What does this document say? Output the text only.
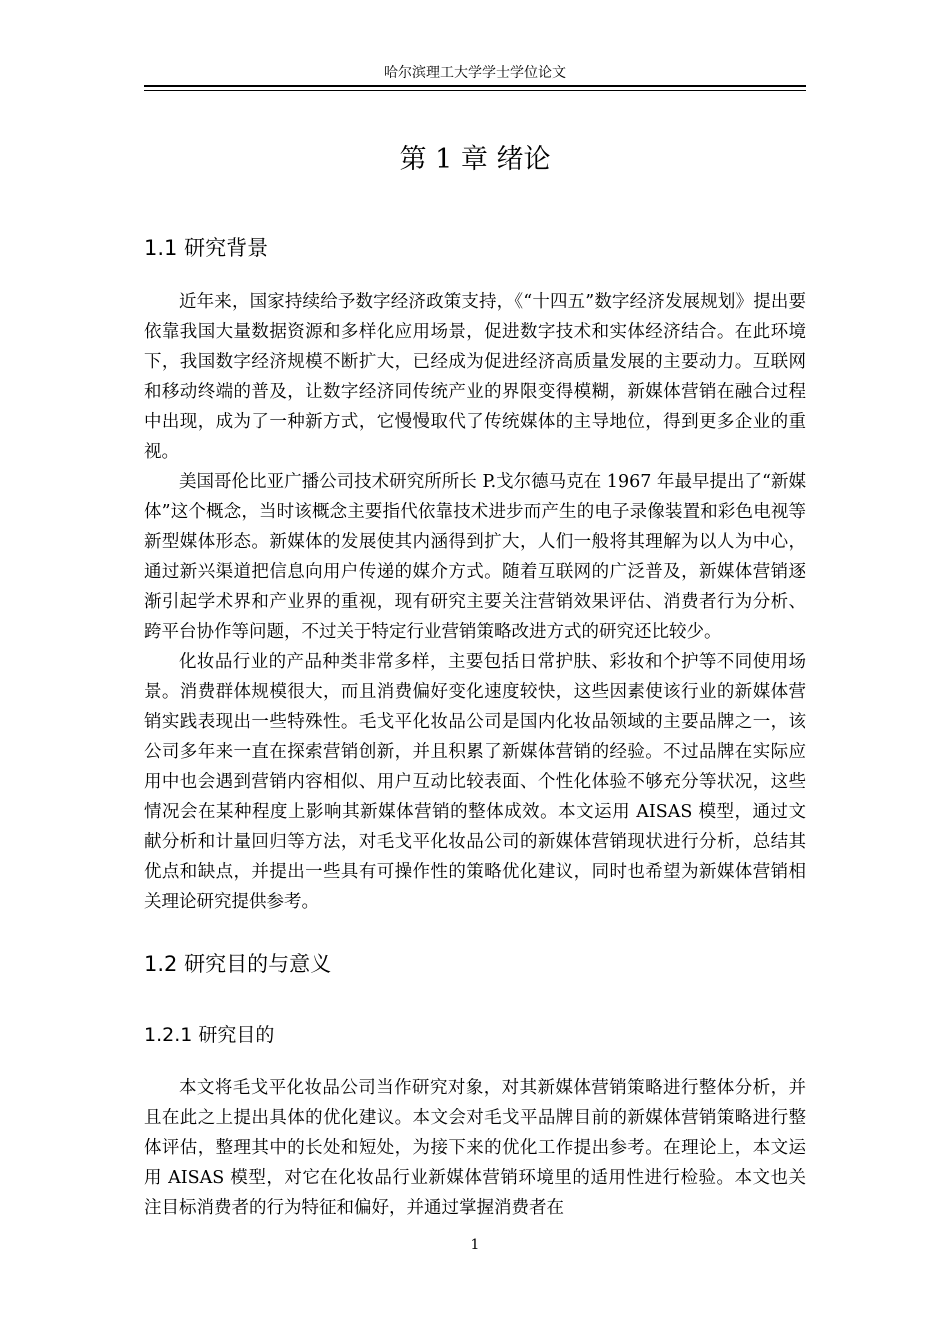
哈尔滨理工大学学士学位论文
第 1 章 绪论
1.1 研究背景

近年来，国家持续给予数字经济政策支持，《“十四五”数字经济发展规划》提出要依靠我国大量数据资源和多样化应用场景，促进数字技术和实体经济结合。在此环境下，我国数字经济规模不断扩大，已经成为促进经济高质量发展的主要动力。互联网和移动终端的普及，让数字经济同传统产业的界限变得模糊，新媒体营销在融合过程中出现，成为了一种新方式，它慢慢取代了传统媒体的主导地位，得到更多企业的重视。

美国哥伦比亚广播公司技术研究所所长 P.戈尔德马克在 1967 年最早提出了“新媒体”这个概念，当时该概念主要指代依靠技术进步而产生的电子录像装置和彩色电视等新型媒体形态。新媒体的发展使其内涵得到扩大，人们一般将其理解为以人为中心，通过新兴渠道把信息向用户传递的媒介方式。随着互联网的广泛普及，新媒体营销逐渐引起学术界和产业界的重视，现有研究主要关注营销效果评估、消费者行为分析、跨平台协作等问题，不过关于特定行业营销策略改进方式的研究还比较少。

化妆品行业的产品种类非常多样，主要包括日常护肤、彩妆和个护等不同使用场景。消费群体规模很大，而且消费偏好变化速度较快，这些因素使该行业的新媒体营销实践表现出一些特殊性。毛戈平化妆品公司是国内化妆品领域的主要品牌之一，该公司多年来一直在探索营销创新，并且积累了新媒体营销的经验。不过品牌在实际应用中也会遇到营销内容相似、用户互动比较表面、个性化体验不够充分等状况，这些情况会在某种程度上影响其新媒体营销的整体成效。本文运用 AISAS 模型，通过文献分析和计量回归等方法，对毛戈平化妆品公司的新媒体营销现状进行分析，总结其优点和缺点，并提出一些具有可操作性的策略优化建议，同时也希望为新媒体营销相关理论研究提供参考。

1.2 研究目的与意义
1.2.1 研究目的

本文将毛戈平化妆品公司当作研究对象，对其新媒体营销策略进行整体分析，并且在此之上提出具体的优化建议。本文会对毛戈平品牌目前的新媒体营销策略进行整体评估，整理其中的长处和短处，为接下来的优化工作提出参考。在理论上，本文运用 AISAS 模型，对它在化妆品行业新媒体营销环境里的适用性进行检验。本文也关注目标消费者的行为特征和偏好，并通过掌握消费者在

1
